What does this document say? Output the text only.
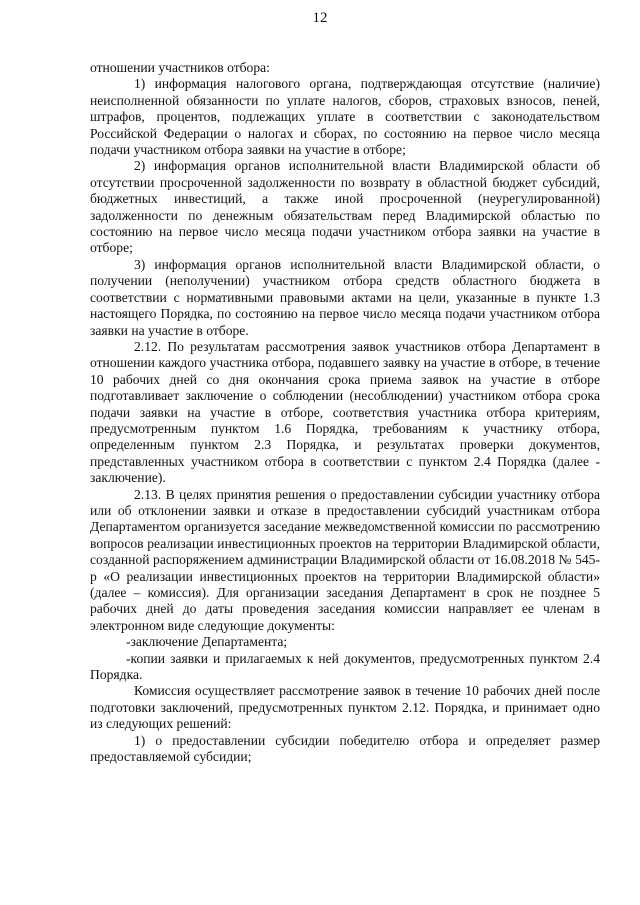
12

отношении участников отбора:

1) информация налогового органа, подтверждающая отсутствие (наличие) неисполненной обязанности по уплате налогов, сборов, страховых взносов, пеней, штрафов, процентов, подлежащих уплате в соответствии с законодательством Российской Федерации о налогах и сборах, по состоянию на первое число месяца подачи участником отбора заявки на участие в отборе;

2) информация органов исполнительной власти Владимирской области об отсутствии просроченной задолженности по возврату в областной бюджет субсидий, бюджетных инвестиций, а также иной просроченной (неурегулированной) задолженности по денежным обязательствам перед Владимирской областью по состоянию на первое число месяца подачи участником отбора заявки на участие в отборе;

3) информация органов исполнительной власти Владимирской области, о получении (неполучении) участником отбора средств областного бюджета в соответствии с нормативными правовыми актами на цели, указанные в пункте 1.3 настоящего Порядка, по состоянию на первое число месяца подачи участником отбора заявки на участие в отборе.

2.12. По результатам рассмотрения заявок участников отбора Департамент в отношении каждого участника отбора, подавшего заявку на участие в отборе, в течение 10 рабочих дней со дня окончания срока приема заявок на участие в отборе подготавливает заключение о соблюдении (несоблюдении) участником отбора срока подачи заявки на участие в отборе, соответствия участника отбора критериям, предусмотренным пунктом 1.6 Порядка, требованиям к участнику отбора, определенным пунктом 2.3 Порядка, и результатах проверки документов, представленных участником отбора в соответствии с пунктом 2.4 Порядка (далее - заключение).

2.13. В целях принятия решения о предоставлении субсидии участнику отбора или об отклонении заявки и отказе в предоставлении субсидий участникам отбора Департаментом организуется заседание межведомственной комиссии по рассмотрению вопросов реализации инвестиционных проектов на территории Владимирской области, созданной распоряжением администрации Владимирской области от 16.08.2018 № 545-р «О реализации инвестиционных проектов на территории Владимирской области» (далее – комиссия). Для организации заседания Департамент в срок не позднее 5 рабочих дней до даты проведения заседания комиссии направляет ее членам в электронном виде следующие документы:

-заключение Департамента;

-копии заявки и прилагаемых к ней документов, предусмотренных пунктом 2.4 Порядка.

Комиссия осуществляет рассмотрение заявок в течение 10 рабочих дней после подготовки заключений, предусмотренных пунктом 2.12. Порядка, и принимает одно из следующих решений:

1) о предоставлении субсидии победителю отбора и определяет размер предоставляемой субсидии;
